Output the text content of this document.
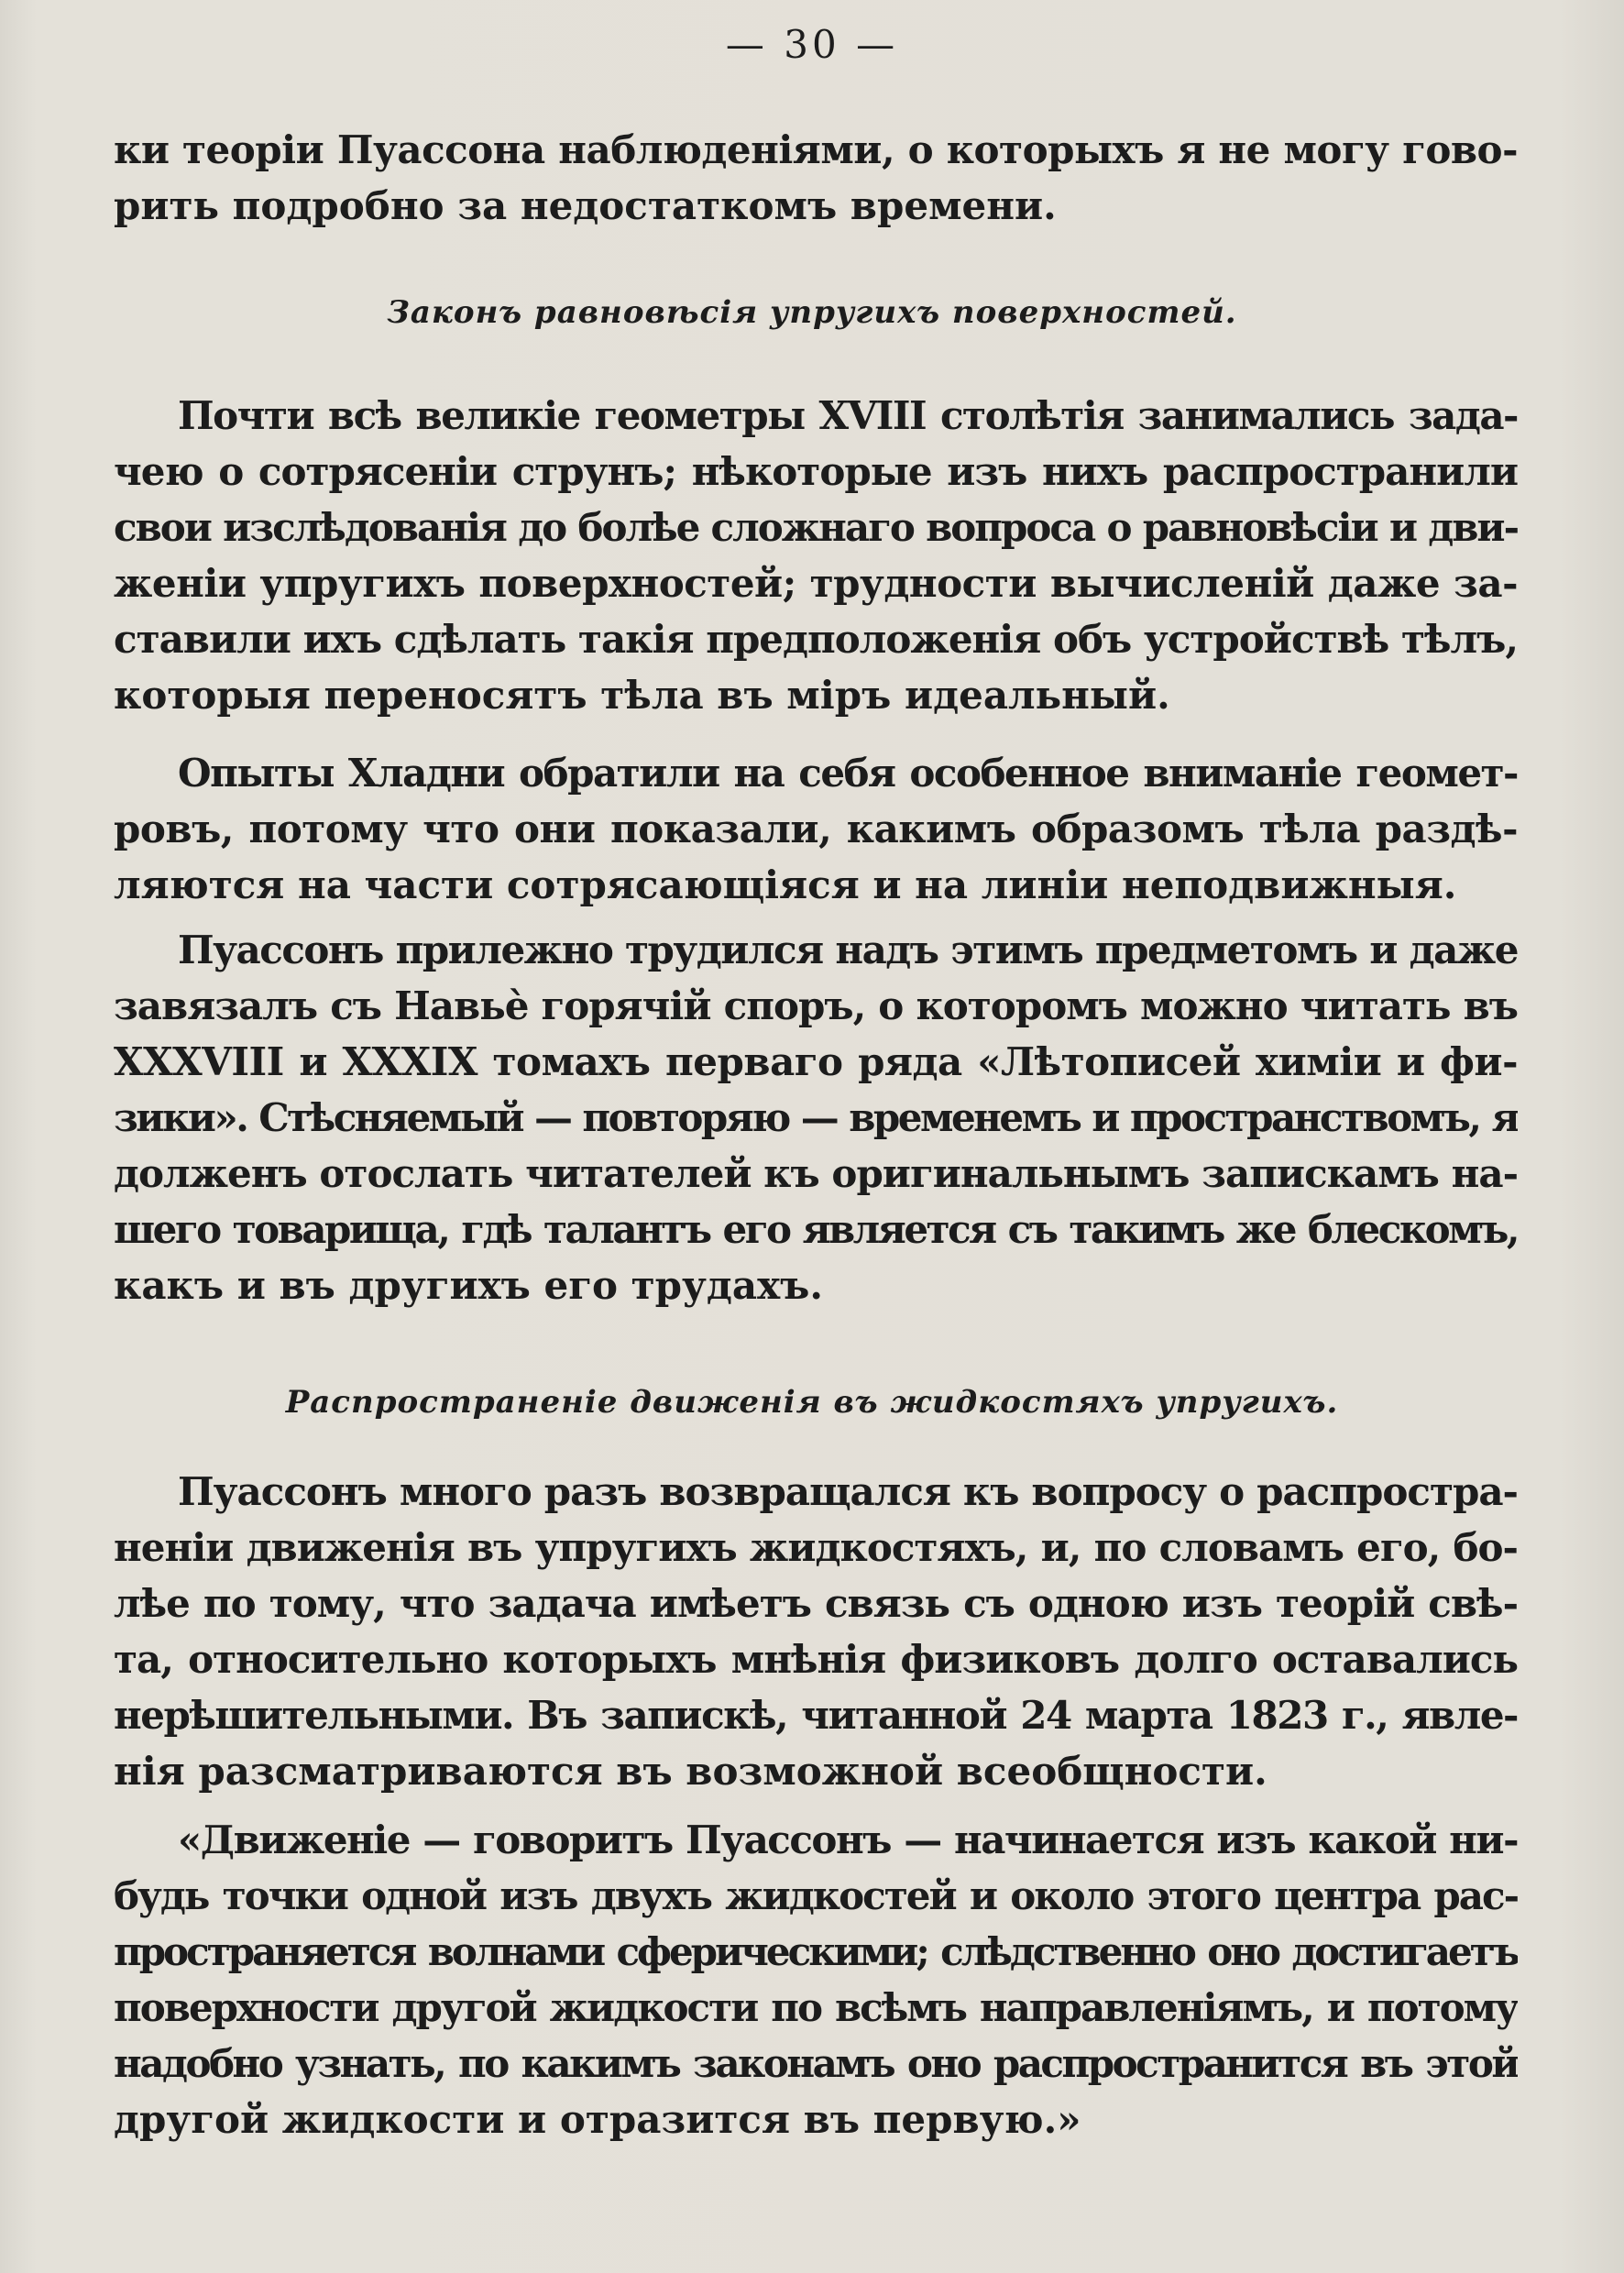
— 30 —
ки теорiи Пуассона наблюденiями, о которыхъ я не могу гово-
рить подробно за недостаткомъ времени.
Законъ равновѣсiя упругихъ поверхностей.
Почти всѣ великiе геометры XVIII столѣтiя занимались зада-
чею о сотрясенiи струнъ; нѣкоторые изъ нихъ распространили
свои изслѣдованiя до болѣе сложнаго вопроса о равновѣсiи и дви-
женiи упругихъ поверхностей; трудности вычисленiй даже за-
ставили ихъ сдѣлать такiя предположенiя объ устройствѣ тѣлъ,
которыя переносятъ тѣла въ мiръ идеальный.
Опыты Хладни обратили на себя особенное вниманiе геомет-
ровъ, потому что они показали, какимъ образомъ тѣла раздѣ-
ляются на части сотрясающiяся и на линiи неподвижныя.
Пуассонъ прилежно трудился надъ этимъ предметомъ и даже
завязалъ съ Навьѐ горячiй споръ, о которомъ можно читать въ
XXXVIII и XXXIX томахъ перваго ряда «Лѣтописей химiи и фи-
зики». Стѣсняемый — повторяю — временемъ и пространствомъ, я
долженъ отослать читателей къ оригинальнымъ запискамъ на-
шего товарища, гдѣ талантъ его является съ такимъ же блескомъ,
какъ и въ другихъ его трудахъ.
Распространенiе движенiя въ жидкостяхъ упругихъ.
Пуассонъ много разъ возвращался къ вопросу о распростра-
ненiи движенiя въ упругихъ жидкостяхъ, и, по словамъ его, бо-
лѣе по тому, что задача имѣетъ связь съ одною изъ теорiй свѣ-
та, относительно которыхъ мнѣнiя физиковъ долго оставались
нерѣшительными. Въ запискѣ, читанной 24 марта 1823 г., явле-
нiя разсматриваются въ возможной всеобщности.
«Движенiе — говоритъ Пуассонъ — начинается изъ какой ни-
будь точки одной изъ двухъ жидкостей и около этого центра рас-
пространяется волнами сферическими; слѣдственно оно достигаетъ
поверхности другой жидкости по всѣмъ направленiямъ, и потому
надобно узнать, по какимъ законамъ оно распространится въ этой
другой жидкости и отразится въ первую.»
